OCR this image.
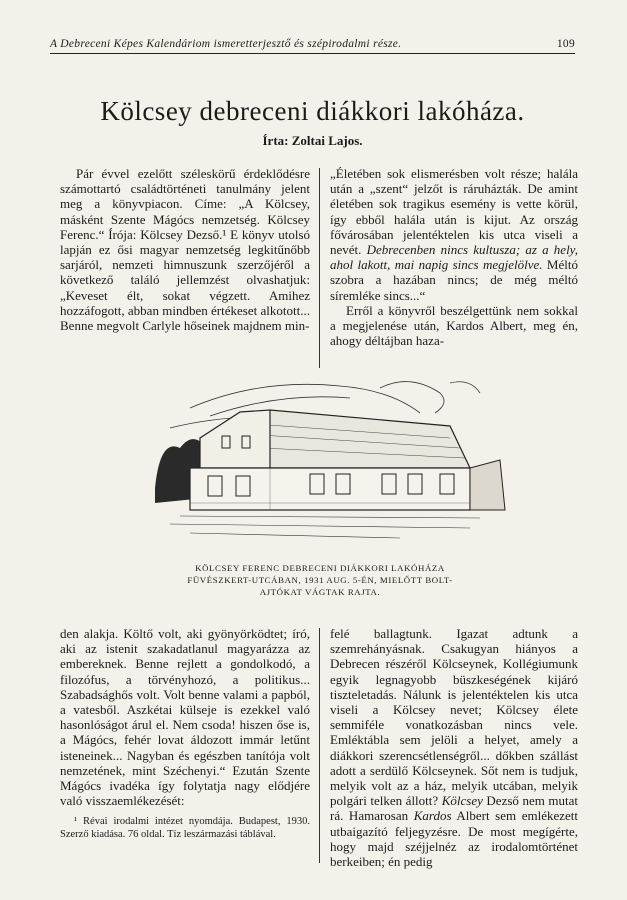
A Debreceni Képes Kalendáriom ismeretterjesztő és szépirodalmi része.	109
Kölcsey debreceni diákkori lakóháza.
Írta: Zoltai Lajos.

Pár évvel ezelőtt széleskörű érdeklődésre számottartó családtörténeti tanulmány jelent meg a könyvpiacon. Címe: „A Kölcsey, másként Szente Mágócs nemzetség. Kölcsey Ferenc.“ Írója: Kölcsey Dezső.¹ E könyv utolsó lapján ez ősi magyar nemzetség legkitűnőbb sarjáról, nemzeti himnuszunk szerzőjéről a következő találó jellemzést olvashatjuk: „Keveset élt, sokat végzett. Amihez hozzáfogott, abban mindben értékeset alkotott... Benne megvolt Carlyle hőseinek majdnem min-

„Életében sok elismerésben volt része; halála után a „szent“ jelzőt is ráruházták. De amint életében sok tragikus esemény is vette körül, így ebből halála után is kijut. Az ország fővárosában jelentéktelen kis utca viseli a nevét. Debrecenben nincs kultusza; az a hely, ahol lakott, mai napig sincs megjelölve. Méltó szobra a hazában nincs; de még méltó síremléke sincs...“

Erről a könyvről beszélgettünk nem sokkal a megjelenése után, Kardos Albert, meg én, ahogy déltájban haza-

KÖLCSEY FERENC DEBRECENI DIÁKKORI LAKÓHÁZA
FÜVÉSZKERT-UTCÁBAN, 1931 AUG. 5-ÉN, MIELŐTT BOLT-
AJTÓKAT VÁGTAK RAJTA.

den alakja. Költő volt, aki gyönyörködtet; író, aki az istenit szakadatlanul magyarázza az embereknek. Benne rejlett a gondolkodó, a filozófus, a törvényhozó, a politikus... Szabadsághős volt. Volt benne valami a papból, a vatesből. Aszkétai külseje is ezekkel való hasonlóságot árul el. Nem csoda! hiszen őse is, a Mágócs, fehér lovat áldozott immár letűnt isteneinek... Nagyban és egészben tanítója volt nemzetének, mint Széchenyi.“ Ezután Szente Mágócs ivadéka így folytatja nagy elődjére való visszaemlékezését:

¹ Révai irodalmi intézet nyomdája. Budapest, 1930. Szerző kiadása. 76 oldal. Tíz leszármazási táblával.

felé ballagtunk. Igazat adtunk a szemrehányásnak. Csakugyan hiányos a Debrecen részéről Kölcseynek, Kollégiumunk egyik legnagyobb büszkeségének kijáró tiszteletadás. Nálunk is jelentéktelen kis utca viseli a Kölcsey nevet; Kölcsey élete semmiféle vonatkozásban nincs vele. Emléktábla sem jelöli a helyet, amely a diákkori szerencsétlenségről... dőkben szállást adott a serdülő Kölcseynek. Sőt nem is tudjuk, melyik volt az a ház, melyik utcában, melyik polgári telken állott? Kölcsey Dezső nem mutat rá. Hamarosan Kardos Albert sem emlékezett utbaigazító feljegyzésre. De most megígérte, hogy majd széjjelnéz az irodalomtörténet berkeiben; én pedig
